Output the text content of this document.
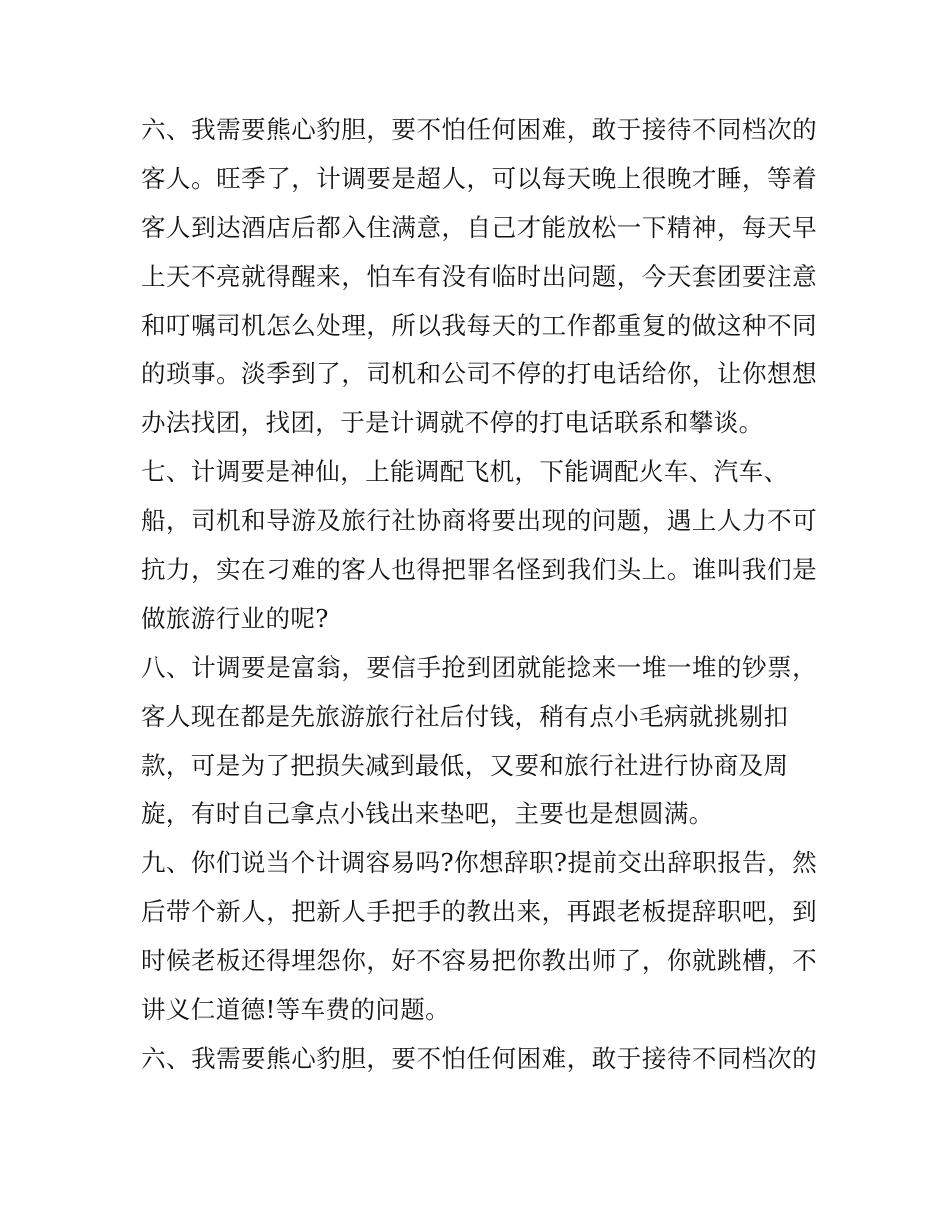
六、我需要熊心豹胆，要不怕任何困难，敢于接待不同档次的
客人。旺季了，计调要是超人，可以每天晚上很晚才睡，等着
客人到达酒店后都入住满意，自己才能放松一下精神，每天早
上天不亮就得醒来，怕车有没有临时出问题，今天套团要注意
和叮嘱司机怎么处理，所以我每天的工作都重复的做这种不同
的琐事。淡季到了，司机和公司不停的打电话给你，让你想想
办法找团，找团，于是计调就不停的打电话联系和攀谈。
七、计调要是神仙，上能调配飞机，下能调配火车、汽车、
船，司机和导游及旅行社协商将要出现的问题，遇上人力不可
抗力，实在刁难的客人也得把罪名怪到我们头上。谁叫我们是
做旅游行业的呢?
八、计调要是富翁，要信手抢到团就能捻来一堆一堆的钞票，
客人现在都是先旅游旅行社后付钱，稍有点小毛病就挑剔扣
款，可是为了把损失减到最低，又要和旅行社进行协商及周
旋，有时自己拿点小钱出来垫吧，主要也是想圆满。
九、你们说当个计调容易吗?你想辞职?提前交出辞职报告，然
后带个新人，把新人手把手的教出来，再跟老板提辞职吧，到
时候老板还得埋怨你，好不容易把你教出师了，你就跳槽，不
讲义仁道德!等车费的问题。
六、我需要熊心豹胆，要不怕任何困难，敢于接待不同档次的
